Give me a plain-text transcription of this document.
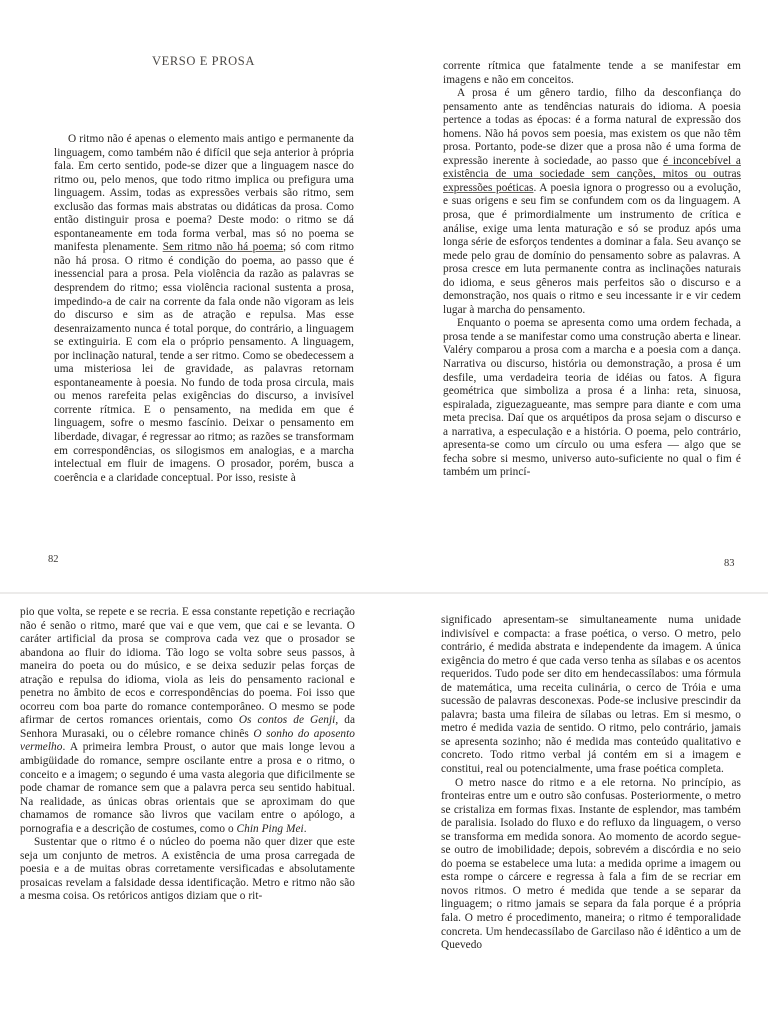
VERSO E PROSA

O ritmo não é apenas o elemento mais antigo e permanente da linguagem, como também não é difícil que seja anterior à própria fala. Em certo sentido, pode-se dizer que a linguagem nasce do ritmo ou, pelo menos, que todo ritmo implica ou prefigura uma linguagem. Assim, todas as expressões verbais são ritmo, sem exclusão das formas mais abstratas ou didáticas da prosa. Como então distinguir prosa e poema? Deste modo: o ritmo se dá espontaneamente em toda forma verbal, mas só no poema se manifesta plenamente. Sem ritmo não há poema; só com ritmo não há prosa. O ritmo é condição do poema, ao passo que é inessencial para a prosa. Pela violência da razão as palavras se desprendem do ritmo; essa violência racional sustenta a prosa, impedindo-a de cair na corrente da fala onde não vigoram as leis do discurso e sim as de atração e repulsa. Mas esse desenraizamento nunca é total porque, do contrário, a linguagem se extinguiria. E com ela o próprio pensamento. A linguagem, por inclinação natural, tende a ser ritmo. Como se obedecessem a uma misteriosa lei de gravidade, as palavras retornam espontaneamente à poesia. No fundo de toda prosa circula, mais ou menos rarefeita pelas exigências do discurso, a invisível corrente rítmica. E o pensamento, na medida em que é linguagem, sofre o mesmo fascínio. Deixar o pensamento em liberdade, divagar, é regressar ao ritmo; as razões se transformam em correspondências, os silogismos em analogias, e a marcha intelectual em fluir de imagens. O prosador, porém, busca a coerência e a claridade conceptual. Por isso, resiste à

82

corrente rítmica que fatalmente tende a se manifestar em imagens e não em conceitos.

A prosa é um gênero tardio, filho da desconfiança do pensamento ante as tendências naturais do idioma. A poesia pertence a todas as épocas: é a forma natural de expressão dos homens. Não há povos sem poesia, mas existem os que não têm prosa. Portanto, pode-se dizer que a prosa não é uma forma de expressão inerente à sociedade, ao passo que é inconcebível a existência de uma sociedade sem canções, mitos ou outras expressões poéticas. A poesia ignora o progresso ou a evolução, e suas origens e seu fim se confundem com os da linguagem. A prosa, que é primordialmente um instrumento de crítica e análise, exige uma lenta maturação e só se produz após uma longa série de esforços tendentes a dominar a fala. Seu avanço se mede pelo grau de domínio do pensamento sobre as palavras. A prosa cresce em luta permanente contra as inclinações naturais do idioma, e seus gêneros mais perfeitos são o discurso e a demonstração, nos quais o ritmo e seu incessante ir e vir cedem lugar à marcha do pensamento.

Enquanto o poema se apresenta como uma ordem fechada, a prosa tende a se manifestar como uma construção aberta e linear. Valéry comparou a prosa com a marcha e a poesia com a dança. Narrativa ou discurso, história ou demonstração, a prosa é um desfile, uma verdadeira teoria de idéias ou fatos. A figura geométrica que simboliza a prosa é a linha: reta, sinuosa, espiralada, ziguezagueante, mas sempre para diante e com uma meta precisa. Daí que os arquétipos da prosa sejam o discurso e a narrativa, a especulação e a história. O poema, pelo contrário, apresenta-se como um círculo ou uma esfera — algo que se fecha sobre si mesmo, universo auto-suficiente no qual o fim é também um princí-

83

pio que volta, se repete e se recria. E essa constante repetição e recriação não é senão o ritmo, maré que vai e que vem, que cai e se levanta. O caráter artificial da prosa se comprova cada vez que o prosador se abandona ao fluir do idioma. Tão logo se volta sobre seus passos, à maneira do poeta ou do músico, e se deixa seduzir pelas forças de atração e repulsa do idioma, viola as leis do pensamento racional e penetra no âmbito de ecos e correspondências do poema. Foi isso que ocorreu com boa parte do romance contemporâneo. O mesmo se pode afirmar de certos romances orientais, como Os contos de Genji, da Senhora Murasaki, ou o célebre romance chinês O sonho do aposento vermelho. A primeira lembra Proust, o autor que mais longe levou a ambigüidade do romance, sempre oscilante entre a prosa e o ritmo, o conceito e a imagem; o segundo é uma vasta alegoria que dificilmente se pode chamar de romance sem que a palavra perca seu sentido habitual. Na realidade, as únicas obras orientais que se aproximam do que chamamos de romance são livros que vacilam entre o apólogo, a pornografia e a descrição de costumes, como o Chin Ping Mei.

Sustentar que o ritmo é o núcleo do poema não quer dizer que este seja um conjunto de metros. A existência de uma prosa carregada de poesia e a de muitas obras corretamente versificadas e absolutamente prosaicas revelam a falsidade dessa identificação. Metro e ritmo não são a mesma coisa. Os retóricos antigos diziam que o rit-

significado apresentam-se simultaneamente numa unidade indivisível e compacta: a frase poética, o verso. O metro, pelo contrário, é medida abstrata e independente da imagem. A única exigência do metro é que cada verso tenha as sílabas e os acentos requeridos. Tudo pode ser dito em hendecassílabos: uma fórmula de matemática, uma receita culinária, o cerco de Tróia e uma sucessão de palavras desconexas. Pode-se inclusive prescindir da palavra; basta uma fileira de sílabas ou letras. Em si mesmo, o metro é medida vazia de sentido. O ritmo, pelo contrário, jamais se apresenta sozinho; não é medida mas conteúdo qualitativo e concreto. Todo ritmo verbal já contém em si a imagem e constitui, real ou potencialmente, uma frase poética completa.

O metro nasce do ritmo e a ele retorna. No princípio, as fronteiras entre um e outro são confusas. Posteriormente, o metro se cristaliza em formas fixas. Instante de esplendor, mas também de paralisia. Isolado do fluxo e do refluxo da linguagem, o verso se transforma em medida sonora. Ao momento de acordo segue-se outro de imobilidade; depois, sobrevém a discórdia e no seio do poema se estabelece uma luta: a medida oprime a imagem ou esta rompe o cárcere e regressa à fala a fim de se recriar em novos ritmos. O metro é medida que tende a se separar da linguagem; o ritmo jamais se separa da fala porque é a própria fala. O metro é procedimento, maneira; o ritmo é temporalidade concreta. Um hendecassílabo de Garcilaso não é idêntico a um de Quevedo
